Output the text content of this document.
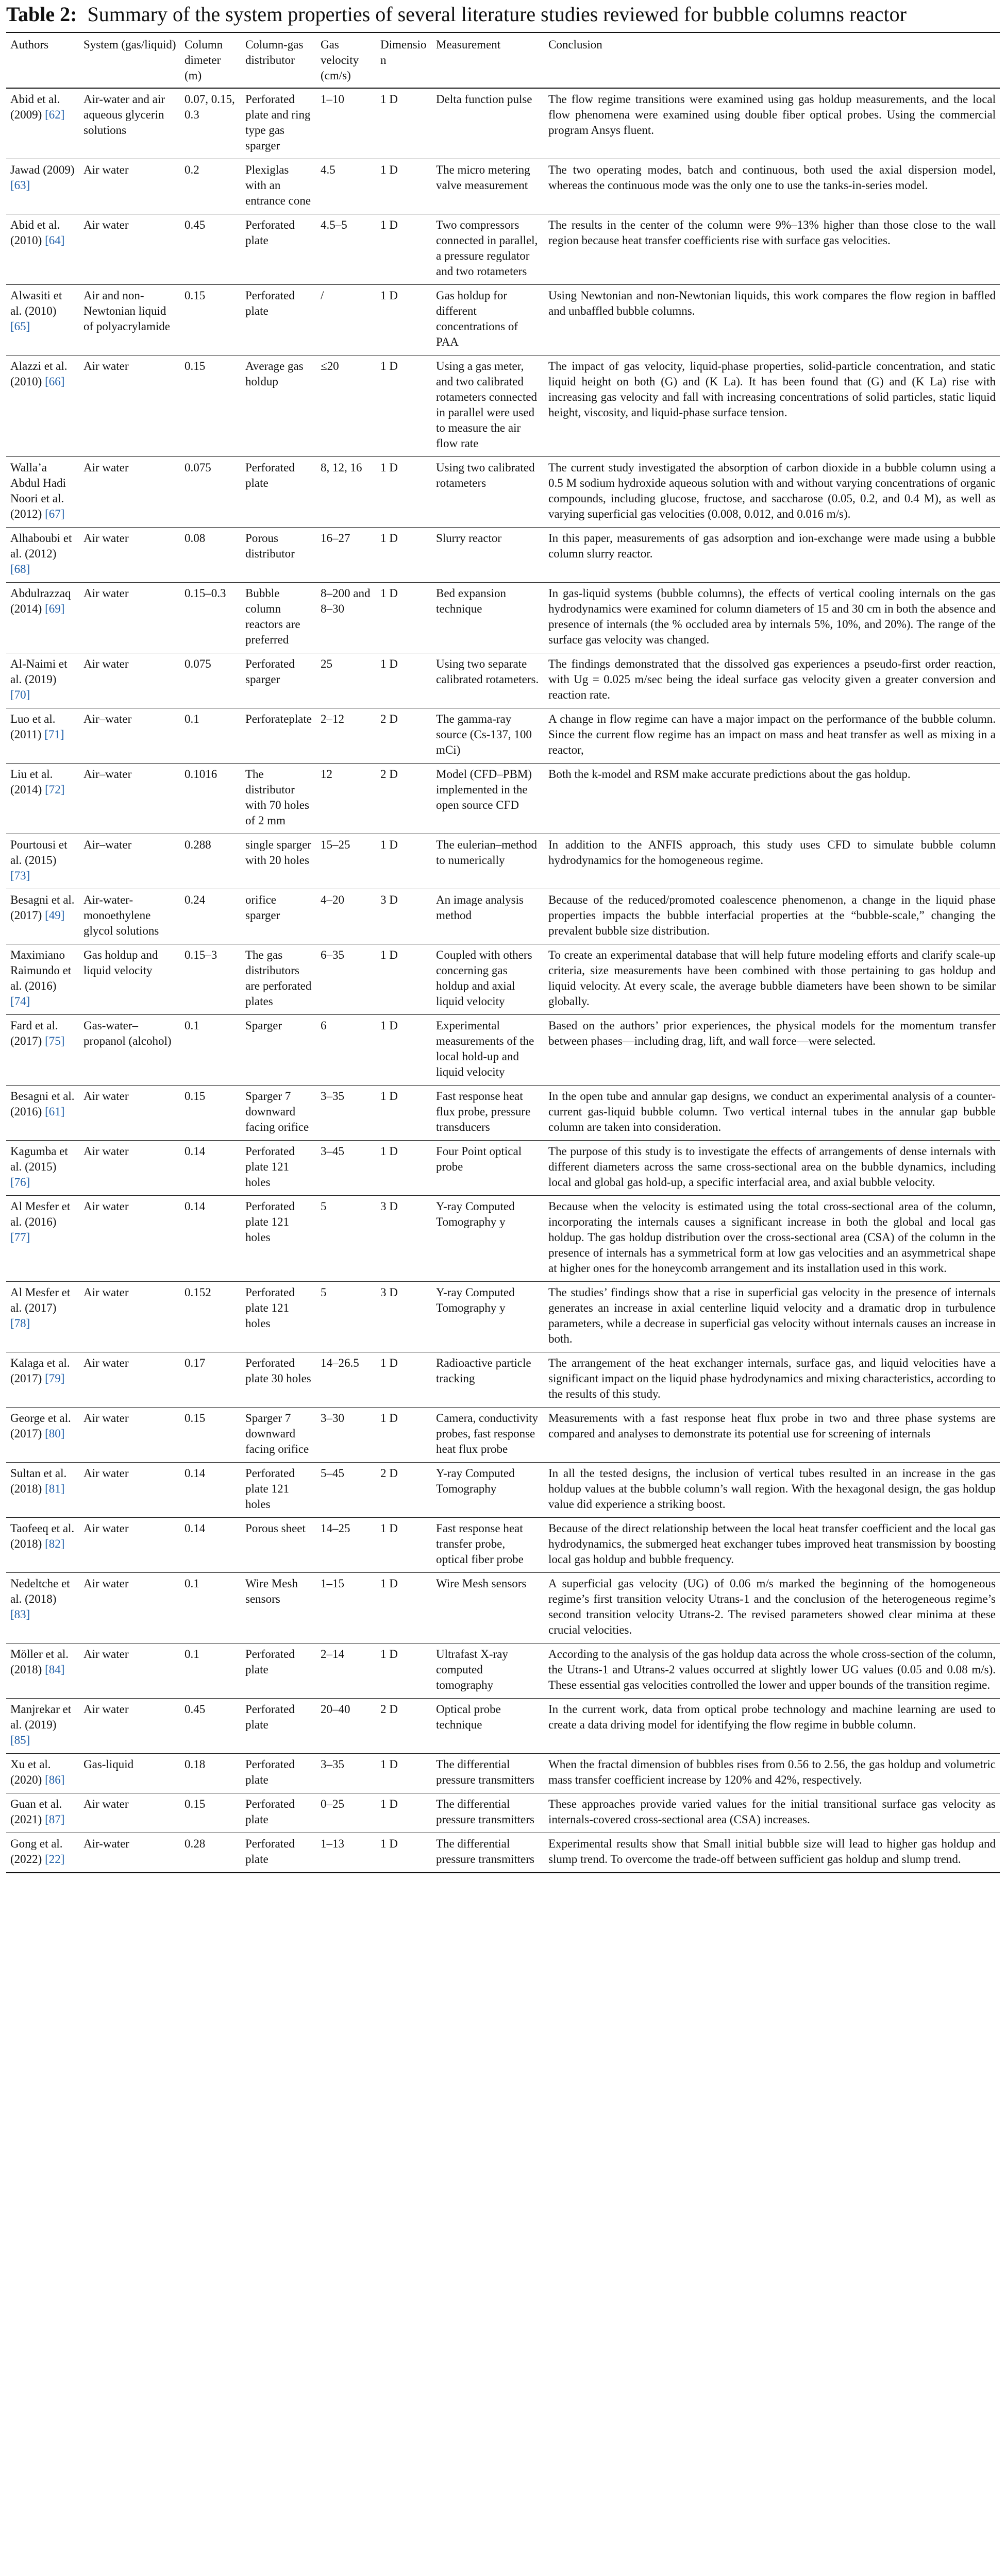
Table 2: Summary of the system properties of several literature studies reviewed for bubble columns reactor
Authors	System (gas/liquid)	Column dimeter (m)	Column-gas distributor	Gas velocity (cm/s)	Dimension	Measurement	Conclusion
Abid et al. (2009) [62]	Air-water and air aqueous glycerin solutions	0.07, 0.15, 0.3	Perforated plate and ring type gas sparger	1–10	1 D	Delta function pulse	The flow regime transitions were examined using gas holdup measurements, and the local flow phenomena were examined using double fiber optical probes. Using the commercial program Ansys fluent.
Jawad (2009) [63]	Air water	0.2	Plexiglas with an entrance cone	4.5	1 D	The micro metering valve measurement	The two operating modes, batch and continuous, both used the axial dispersion model, whereas the continuous mode was the only one to use the tanks-in-series model.
Abid et al. (2010) [64]	Air water	0.45	Perforated plate	4.5–5	1 D	Two compressors connected in parallel, a pressure regulator and two rotameters	The results in the center of the column were 9%–13% higher than those close to the wall region because heat transfer coefficients rise with surface gas velocities.
Alwasiti et al. (2010) [65]	Air and non-Newtonian liquid of polyacrylamide	0.15	Perforated plate	/	1 D	Gas holdup for different concentrations of PAA	Using Newtonian and non-Newtonian liquids, this work compares the flow region in baffled and unbaffled bubble columns.
Alazzi et al. (2010) [66]	Air water	0.15	Average gas holdup	≤20	1 D	Using a gas meter, and two calibrated rotameters connected in parallel were used to measure the air flow rate	The impact of gas velocity, liquid-phase properties, solid-particle concentration, and static liquid height on both (G) and (K La). It has been found that (G) and (K La) rise with increasing gas velocity and fall with increasing concentrations of solid particles, static liquid height, viscosity, and liquid-phase surface tension.
Walla’a Abdul Hadi Noori et al. (2012) [67]	Air water	0.075	Perforated plate	8, 12, 16	1 D	Using two calibrated rotameters	The current study investigated the absorption of carbon dioxide in a bubble column using a 0.5 M sodium hydroxide aqueous solution with and without varying concentrations of organic compounds, including glucose, fructose, and saccharose (0.05, 0.2, and 0.4 M), as well as varying superficial gas velocities (0.008, 0.012, and 0.016 m/s).
Alhaboubi et al. (2012) [68]	Air water	0.08	Porous distributor	16–27	1 D	Slurry reactor	In this paper, measurements of gas adsorption and ion-exchange were made using a bubble column slurry reactor.
Abdulrazzaq (2014) [69]	Air water	0.15–0.3	Bubble column reactors are preferred	8–200 and 8–30	1 D	Bed expansion technique	In gas-liquid systems (bubble columns), the effects of vertical cooling internals on the gas hydrodynamics were examined for column diameters of 15 and 30 cm in both the absence and presence of internals (the % occluded area by internals 5%, 10%, and 20%). The range of the surface gas velocity was changed.
Al-Naimi et al. (2019) [70]	Air water	0.075	Perforated sparger	25	1 D	Using two separate calibrated rotameters.	The findings demonstrated that the dissolved gas experiences a pseudo-first order reaction, with Ug = 0.025 m/sec being the ideal surface gas velocity given a greater conversion and reaction rate.
Luo et al. (2011) [71]	Air–water	0.1	Perforateplate	2–12	2 D	The gamma-ray source (Cs-137, 100 mCi)	A change in flow regime can have a major impact on the performance of the bubble column. Since the current flow regime has an impact on mass and heat transfer as well as mixing in a reactor,
Liu et al. (2014) [72]	Air–water	0.1016	The distributor with 70 holes of 2 mm	12	2 D	Model (CFD–PBM) implemented in the open source CFD	Both the k-model and RSM make accurate predictions about the gas holdup.
Pourtousi et al. (2015) [73]	Air–water	0.288	single sparger with 20 holes	15–25	1 D	The eulerian–method to numerically	In addition to the ANFIS approach, this study uses CFD to simulate bubble column hydrodynamics for the homogeneous regime.
Besagni et al. (2017) [49]	Air-water-monoethylene glycol solutions	0.24	orifice sparger	4–20	3 D	An image analysis method	Because of the reduced/promoted coalescence phenomenon, a change in the liquid phase properties impacts the bubble interfacial properties at the “bubble-scale,” changing the prevalent bubble size distribution.
Maximiano Raimundo et al. (2016) [74]	Gas holdup and liquid velocity	0.15–3	The gas distributors are perforated plates	6–35	1 D	Coupled with others concerning gas holdup and axial liquid velocity	To create an experimental database that will help future modeling efforts and clarify scale-up criteria, size measurements have been combined with those pertaining to gas holdup and liquid velocity. At every scale, the average bubble diameters have been shown to be similar globally.
Fard et al. (2017) [75]	Gas-water–propanol (alcohol)	0.1	Sparger	6	1 D	Experimental measurements of the local hold-up and liquid velocity	Based on the authors’ prior experiences, the physical models for the momentum transfer between phases—including drag, lift, and wall force—were selected.
Besagni et al. (2016) [61]	Air water	0.15	Sparger 7 downward facing orifice	3–35	1 D	Fast response heat flux probe, pressure transducers	In the open tube and annular gap designs, we conduct an experimental analysis of a counter-current gas-liquid bubble column. Two vertical internal tubes in the annular gap bubble column are taken into consideration.
Kagumba et al. (2015) [76]	Air water	0.14	Perforated plate 121 holes	3–45	1 D	Four Point optical probe	The purpose of this study is to investigate the effects of arrangements of dense internals with different diameters across the same cross-sectional area on the bubble dynamics, including local and global gas hold-up, a specific interfacial area, and axial bubble velocity.
Al Mesfer et al. (2016) [77]	Air water	0.14	Perforated plate 121 holes	5	3 D	Y-ray Computed Tomography y	Because when the velocity is estimated using the total cross-sectional area of the column, incorporating the internals causes a significant increase in both the global and local gas holdup. The gas holdup distribution over the cross-sectional area (CSA) of the column in the presence of internals has a symmetrical form at low gas velocities and an asymmetrical shape at higher ones for the honeycomb arrangement and its installation used in this work.
Al Mesfer et al. (2017) [78]	Air water	0.152	Perforated plate 121 holes	5	3 D	Y-ray Computed Tomography y	The studies’ findings show that a rise in superficial gas velocity in the presence of internals generates an increase in axial centerline liquid velocity and a dramatic drop in turbulence parameters, while a decrease in superficial gas velocity without internals causes an increase in both.
Kalaga et al. (2017) [79]	Air water	0.17	Perforated plate 30 holes	14–26.5	1 D	Radioactive particle tracking	The arrangement of the heat exchanger internals, surface gas, and liquid velocities have a significant impact on the liquid phase hydrodynamics and mixing characteristics, according to the results of this study.
George et al. (2017) [80]	Air water	0.15	Sparger 7 downward facing orifice	3–30	1 D	Camera, conductivity probes, fast response heat flux probe	Measurements with a fast response heat flux probe in two and three phase systems are compared and analyses to demonstrate its potential use for screening of internals
Sultan et al. (2018) [81]	Air water	0.14	Perforated plate 121 holes	5–45	2 D	Y-ray Computed Tomography	In all the tested designs, the inclusion of vertical tubes resulted in an increase in the gas holdup values at the bubble column’s wall region. With the hexagonal design, the gas holdup value did experience a striking boost.
Taofeeq et al. (2018) [82]	Air water	0.14	Porous sheet	14–25	1 D	Fast response heat transfer probe, optical fiber probe	Because of the direct relationship between the local heat transfer coefficient and the local gas hydrodynamics, the submerged heat exchanger tubes improved heat transmission by boosting local gas holdup and bubble frequency.
Nedeltche et al. (2018) [83]	Air water	0.1	Wire Mesh sensors	1–15	1 D	Wire Mesh sensors	A superficial gas velocity (UG) of 0.06 m/s marked the beginning of the homogeneous regime’s first transition velocity Utrans-1 and the conclusion of the heterogeneous regime’s second transition velocity Utrans-2. The revised parameters showed clear minima at these crucial velocities.
Möller et al. (2018) [84]	Air water	0.1	Perforated plate	2–14	1 D	Ultrafast X-ray computed tomography	According to the analysis of the gas holdup data across the whole cross-section of the column, the Utrans-1 and Utrans-2 values occurred at slightly lower UG values (0.05 and 0.08 m/s). These essential gas velocities controlled the lower and upper bounds of the transition regime.
Manjrekar et al. (2019) [85]	Air water	0.45	Perforated plate	20–40	2 D	Optical probe technique	In the current work, data from optical probe technology and machine learning are used to create a data driving model for identifying the flow regime in bubble column.
Xu et al. (2020) [86]	Gas-liquid	0.18	Perforated plate	3–35	1 D	The differential pressure transmitters	When the fractal dimension of bubbles rises from 0.56 to 2.56, the gas holdup and volumetric mass transfer coefficient increase by 120% and 42%, respectively.
Guan et al. (2021) [87]	Air water	0.15	Perforated plate	0–25	1 D	The differential pressure transmitters	These approaches provide varied values for the initial transitional surface gas velocity as internals-covered cross-sectional area (CSA) increases.
Gong et al. (2022) [22]	Air-water	0.28	Perforated plate	1–13	1 D	The differential pressure transmitters	Experimental results show that Small initial bubble size will lead to higher gas holdup and slump trend. To overcome the trade-off between sufficient gas holdup and slump trend.
